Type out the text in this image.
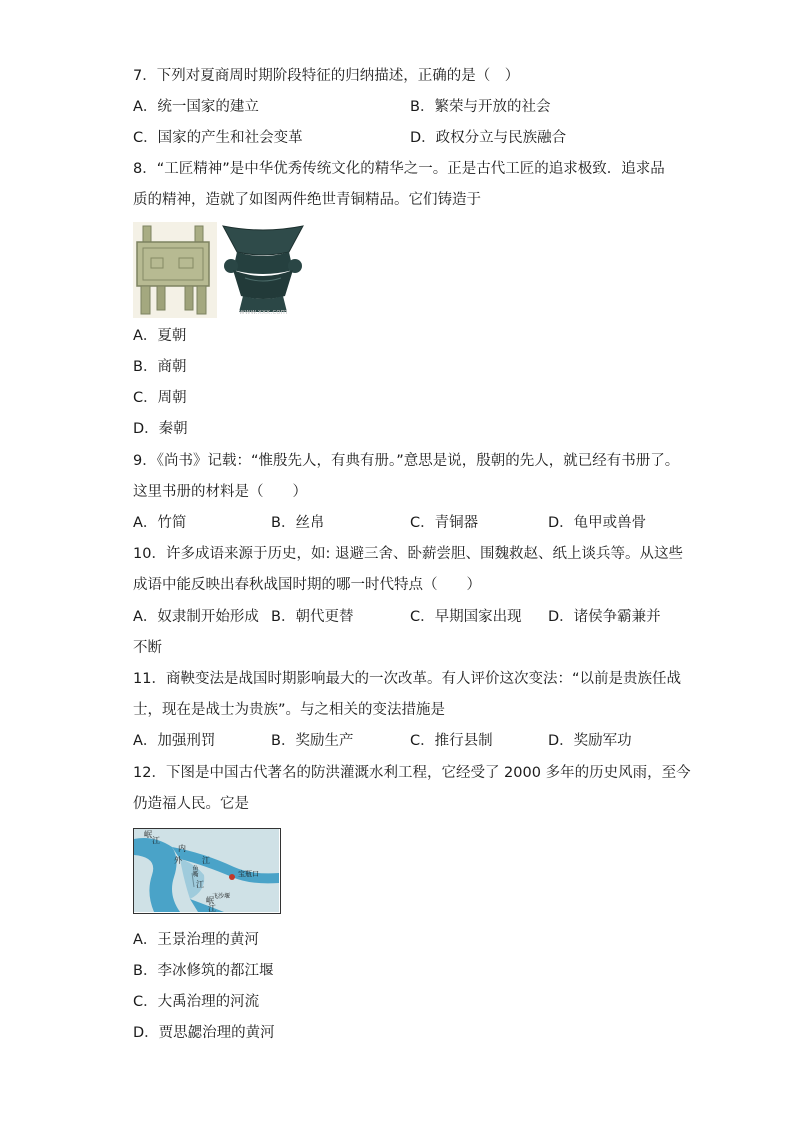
7．下列对夏商周时期阶段特征的归纳描述，正确的是（　）
A．统一国家的建立	B．繁荣与开放的社会
C．国家的产生和社会变革	D．政权分立与民族融合
8．“工匠精神”是中华优秀传统文化的精华之一。正是古代工匠的追求极致．追求品
质的精神，造就了如图两件绝世青铜精品。它们铸造于
www.xxx.com
A．夏朝
B．商朝
C．周朝
D．秦朝
9．《尚书》记载：“惟殷先人，有典有册。”意思是说，殷朝的先人，就已经有书册了。
这里书册的材料是（　　）
A．竹简	B．丝帛	C．青铜器	D．龟甲或兽骨
10．许多成语来源于历史，如: 退避三舍、卧薪尝胆、围魏救赵、纸上谈兵等。从这些
成语中能反映出春秋战国时期的哪一时代特点（　　）
A．奴隶制开始形成 B．朝代更替	C．早期国家出现 D．诸侯争霸兼并
不断
11．商鞅变法是战国时期影响最大的一次改革。有人评价这次变法：“以前是贵族任战
士，现在是战士为贵族”。与之相关的变法措施是
A．加强刑罚	B．奖励生产	C．推行县制	D．奖励军功
12．下图是中国古代著名的防洪灌溉水利工程，它经受了 2000 多年的历史风雨，至今
仍造福人民。它是
岷
江
内
外	江
鱼嘴
江
宝瓶口
飞沙堰
岷
江
A．王景治理的黄河
B．李冰修筑的都江堰
C．大禹治理的河流
D．贾思勰治理的黄河
